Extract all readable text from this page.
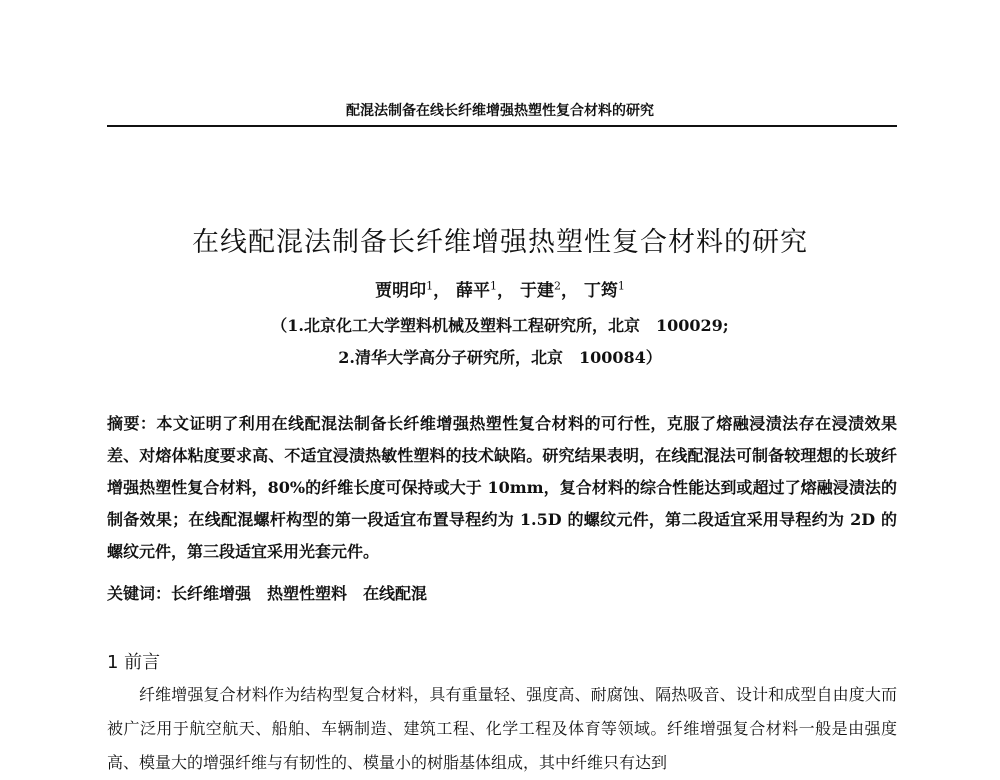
配混法制备在线长纤维增强热塑性复合材料的研究
在线配混法制备长纤维增强热塑性复合材料的研究
贾明印$^1$， 薛平$^1$， 于建$^2$， 丁筠$^1$
（1.北京化工大学塑料机械及塑料工程研究所，北京　100029;
2.清华大学高分子研究所，北京　100084）
摘要：本文证明了利用在线配混法制备长纤维增强热塑性复合材料的可行性，克服了熔融浸渍法存在浸渍效果差、对熔体粘度要求高、不适宜浸渍热敏性塑料的技术缺陷。研究结果表明，在线配混法可制备较理想的长玻纤增强热塑性复合材料，80%的纤维长度可保持或大于 10mm，复合材料的综合性能达到或超过了熔融浸渍法的制备效果；在线配混螺杆构型的第一段适宜布置导程约为 1.5D 的螺纹元件，第二段适宜采用导程约为 2D 的螺纹元件，第三段适宜采用光套元件。
关键词：长纤维增强　热塑性塑料　在线配混
1 前言
纤维增强复合材料作为结构型复合材料，具有重量轻、强度高、耐腐蚀、隔热吸音、设计和成型自由度大而被广泛用于航空航天、船舶、车辆制造、建筑工程、化学工程及体育等领域。纤维增强复合材料一般是由强度高、模量大的增强纤维与有韧性的、模量小的树脂基体组成，其中纤维只有达到
